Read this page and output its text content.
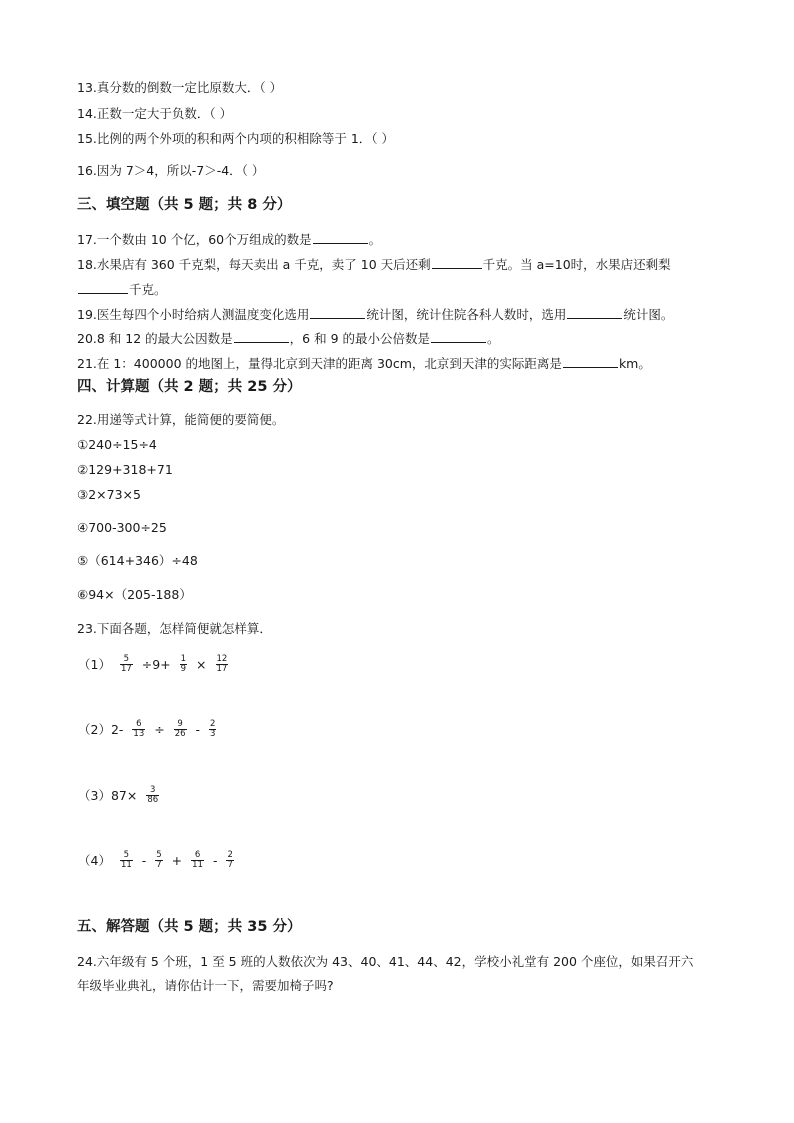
13.真分数的倒数一定比原数大．（ ）
14.正数一定大于负数．（ ）
15.比例的两个外项的积和两个内项的积相除等于 1．（ ）
16.因为 7＞4，所以-7＞-4．（ ）
三、填空题（共 5 题；共 8 分）
17.一个数由 10 个亿，60个万组成的数是	。
18.水果店有 360 千克梨，每天卖出 a 千克，卖了 10 天后还剩	千克。当 a=10时，水果店还剩梨
千克。
19.医生每四个小时给病人测温度变化选用	统计图，统计住院各科人数时，选用	统计图。
20.8 和 12 的最大公因数是	，6 和 9 的最小公倍数是	。
21.在 1：400000 的地图上，量得北京到天津的距离 30cm，北京到天津的实际距离是	km。
四、计算题（共 2 题；共 25 分）
22.用递等式计算，能简便的要简便。
①240÷15÷4
②129+318+71
③2×73×5
④700-300÷25
⑤（614+346）÷48
⑥94×（205-188）
23.下面各题，怎样简便就怎样算．
$(1) \frac{5}{17} \div 9+ \frac{1}{9} \times \frac{12}{17}$
$(2)2- \frac{6}{13} \div \frac{9}{26} - \frac{2}{3}$
$(3)87\times \frac{3}{86}$
$(4) \frac{5}{11} - \frac{5}{7} + \frac{6}{11} - \frac{2}{7}$
五、解答题（共 5 题；共 35 分）
24.六年级有 5 个班，1 至 5 班的人数依次为 43、40、41、44、42，学校小礼堂有 200 个座位，如果召开六
年级毕业典礼，请你估计一下，需要加椅子吗?
